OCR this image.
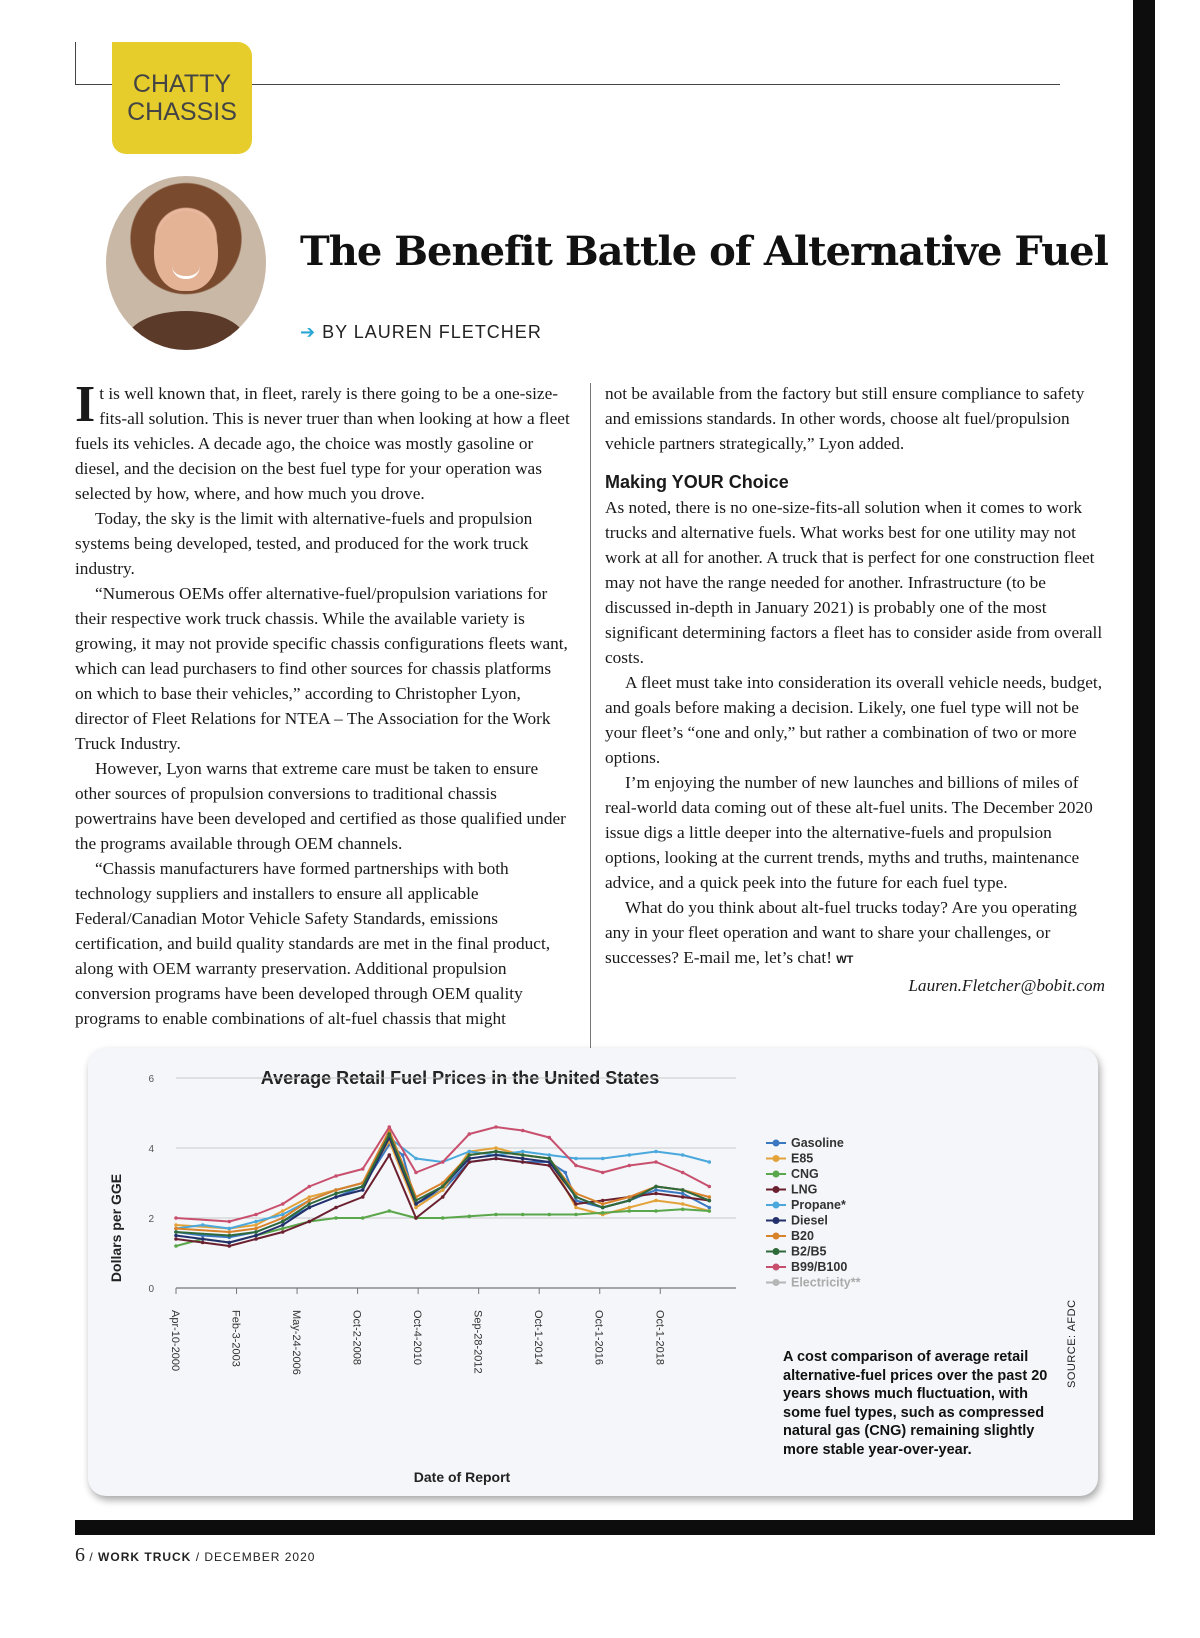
CHATTY CHASSIS
The Benefit Battle of Alternative Fuel
➔ BY LAUREN FLETCHER

It is well known that, in fleet, rarely is there going to be a one-size-fits-all solution. This is never truer than when looking at how a fleet fuels its vehicles. A decade ago, the choice was mostly gasoline or diesel, and the decision on the best fuel type for your operation was selected by how, where, and how much you drove.

Today, the sky is the limit with alternative-fuels and propulsion systems being developed, tested, and produced for the work truck industry.

“Numerous OEMs offer alternative-fuel/propulsion variations for their respective work truck chassis. While the available variety is growing, it may not provide specific chassis configurations fleets want, which can lead purchasers to find other sources for chassis platforms on which to base their vehicles,” according to Christopher Lyon, director of Fleet Relations for NTEA – The Association for the Work Truck Industry.

However, Lyon warns that extreme care must be taken to ensure other sources of propulsion conversions to traditional chassis powertrains have been developed and certified as those qualified under the programs available through OEM channels.

“Chassis manufacturers have formed partnerships with both technology suppliers and installers to ensure all applicable Federal/Canadian Motor Vehicle Safety Standards, emissions certification, and build quality standards are met in the final product, along with OEM warranty preservation. Additional propulsion conversion programs have been developed through OEM quality programs to enable combinations of alt-fuel chassis that might

not be available from the factory but still ensure compliance to safety and emissions standards. In other words, choose alt fuel/propulsion vehicle partners strategically,” Lyon added.

Making YOUR Choice

As noted, there is no one-size-fits-all solution when it comes to work trucks and alternative fuels. What works best for one utility may not work at all for another. A truck that is perfect for one construction fleet may not have the range needed for another. Infrastructure (to be discussed in-depth in January 2021) is probably one of the most significant determining factors a fleet has to consider aside from overall costs.

A fleet must take into consideration its overall vehicle needs, budget, and goals before making a decision. Likely, one fuel type will not be your fleet’s “one and only,” but rather a combination of two or more options.

I’m enjoying the number of new launches and billions of miles of real-world data coming out of these alt-fuel units. The December 2020 issue digs a little deeper into the alternative-fuels and propulsion options, looking at the current trends, myths and truths, maintenance advice, and a quick peek into the future for each fuel type.

What do you think about alt-fuel trucks today? Are you operating any in your fleet operation and want to share your challenges, or successes? E-mail me, let’s chat! WT

Lauren.Fletcher@bobit.com

Average Retail Fuel Prices in the United States
Dollars per GGE
Date of Report
0
2
4
6
Apr-10-2000	Feb-3-2003	May-24-2006	Oct-2-2008	Oct-4-2010	Sep-28-2012	Oct-1-2014	Oct-1-2016	Oct-1-2018
Gasoline
E85
CNG
LNG
Propane*
Diesel
B20
B2/B5
B99/B100
Electricity**
A cost comparison of average retail alternative-fuel prices over the past 20 years shows much fluctuation, with some fuel types, such as compressed natural gas (CNG) remaining slightly more stable year-over-year.
SOURCE: AFDC
6 / WORK TRUCK / DECEMBER 2020
